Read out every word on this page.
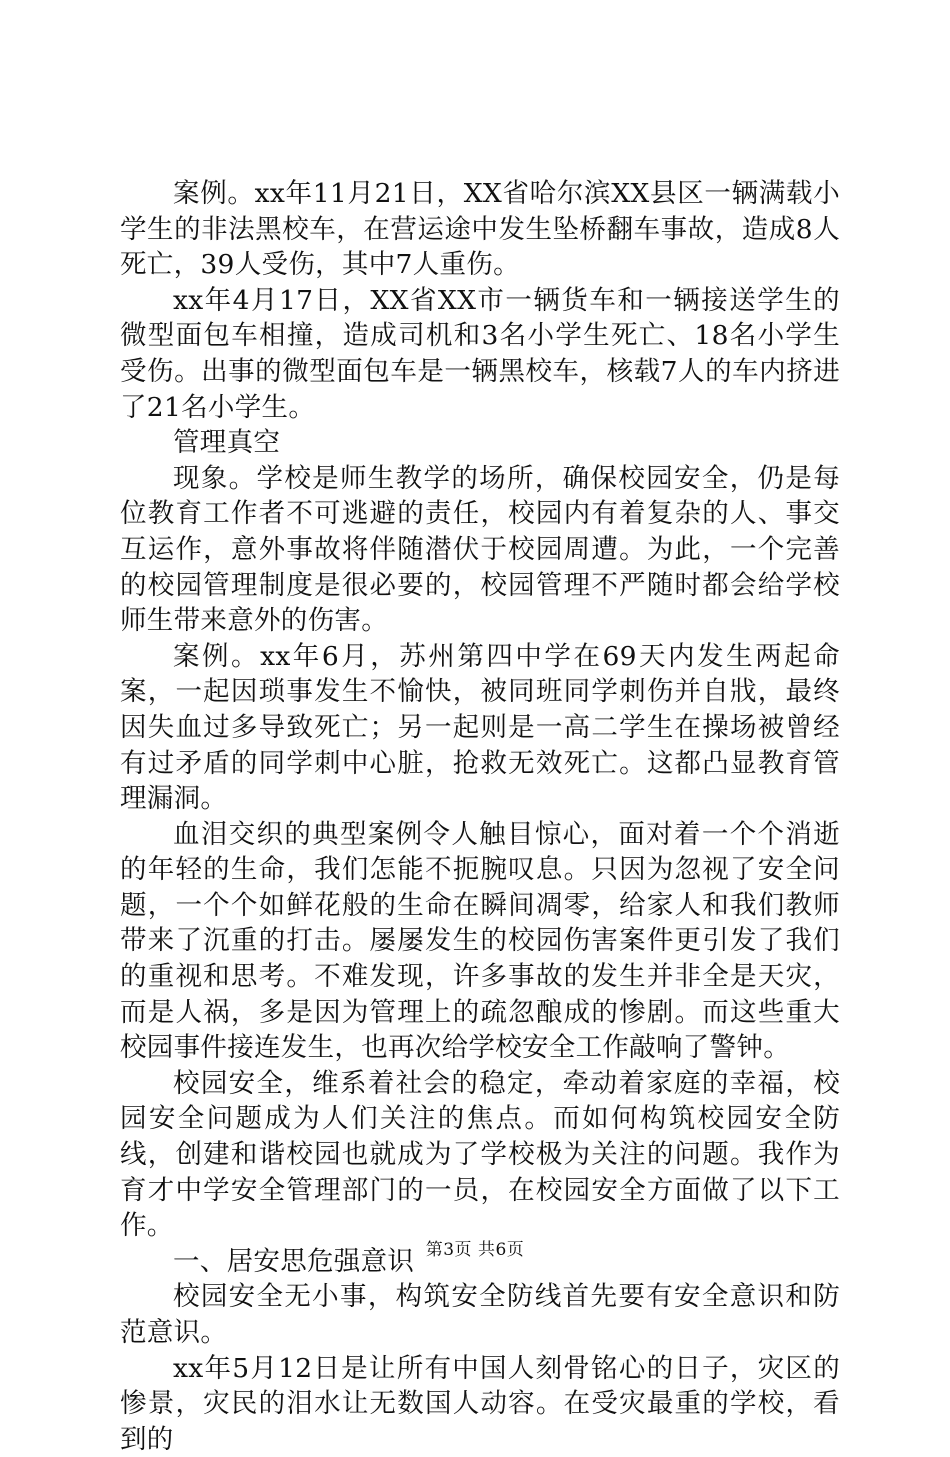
案例。xx年11月21日，XX省哈尔滨XX县区一辆满载小学生的非法黑校车，在营运途中发生坠桥翻车事故，造成8人死亡，39人受伤，其中7人重伤。

xx年4月17日，XX省XX市一辆货车和一辆接送学生的微型面包车相撞，造成司机和3名小学生死亡、18名小学生受伤。出事的微型面包车是一辆黑校车，核载7人的车内挤进了21名小学生。

管理真空

现象。学校是师生教学的场所，确保校园安全，仍是每位教育工作者不可逃避的责任，校园内有着复杂的人、事交互运作，意外事故将伴随潜伏于校园周遭。为此，一个完善的校园管理制度是很必要的，校园管理不严随时都会给学校师生带来意外的伤害。

案例。xx年6月，苏州第四中学在69天内发生两起命案，一起因琐事发生不愉快，被同班同学刺伤并自戕，最终因失血过多导致死亡；另一起则是一高二学生在操场被曾经有过矛盾的同学刺中心脏，抢救无效死亡。这都凸显教育管理漏洞。

血泪交织的典型案例令人触目惊心，面对着一个个消逝的年轻的生命，我们怎能不扼腕叹息。只因为忽视了安全问题，一个个如鲜花般的生命在瞬间凋零，给家人和我们教师带来了沉重的打击。屡屡发生的校园伤害案件更引发了我们的重视和思考。不难发现，许多事故的发生并非全是天灾，而是人祸，多是因为管理上的疏忽酿成的惨剧。而这些重大校园事件接连发生，也再次给学校安全工作敲响了警钟。

校园安全，维系着社会的稳定，牵动着家庭的幸福，校园安全问题成为人们关注的焦点。而如何构筑校园安全防线，创建和谐校园也就成为了学校极为关注的问题。我作为育才中学安全管理部门的一员，在校园安全方面做了以下工作。

一、居安思危强意识

校园安全无小事，构筑安全防线首先要有安全意识和防范意识。

xx年5月12日是让所有中国人刻骨铭心的日子，灾区的惨景，灾民的泪水让无数国人动容。在受灾最重的学校，看到的

第3页 共6页
